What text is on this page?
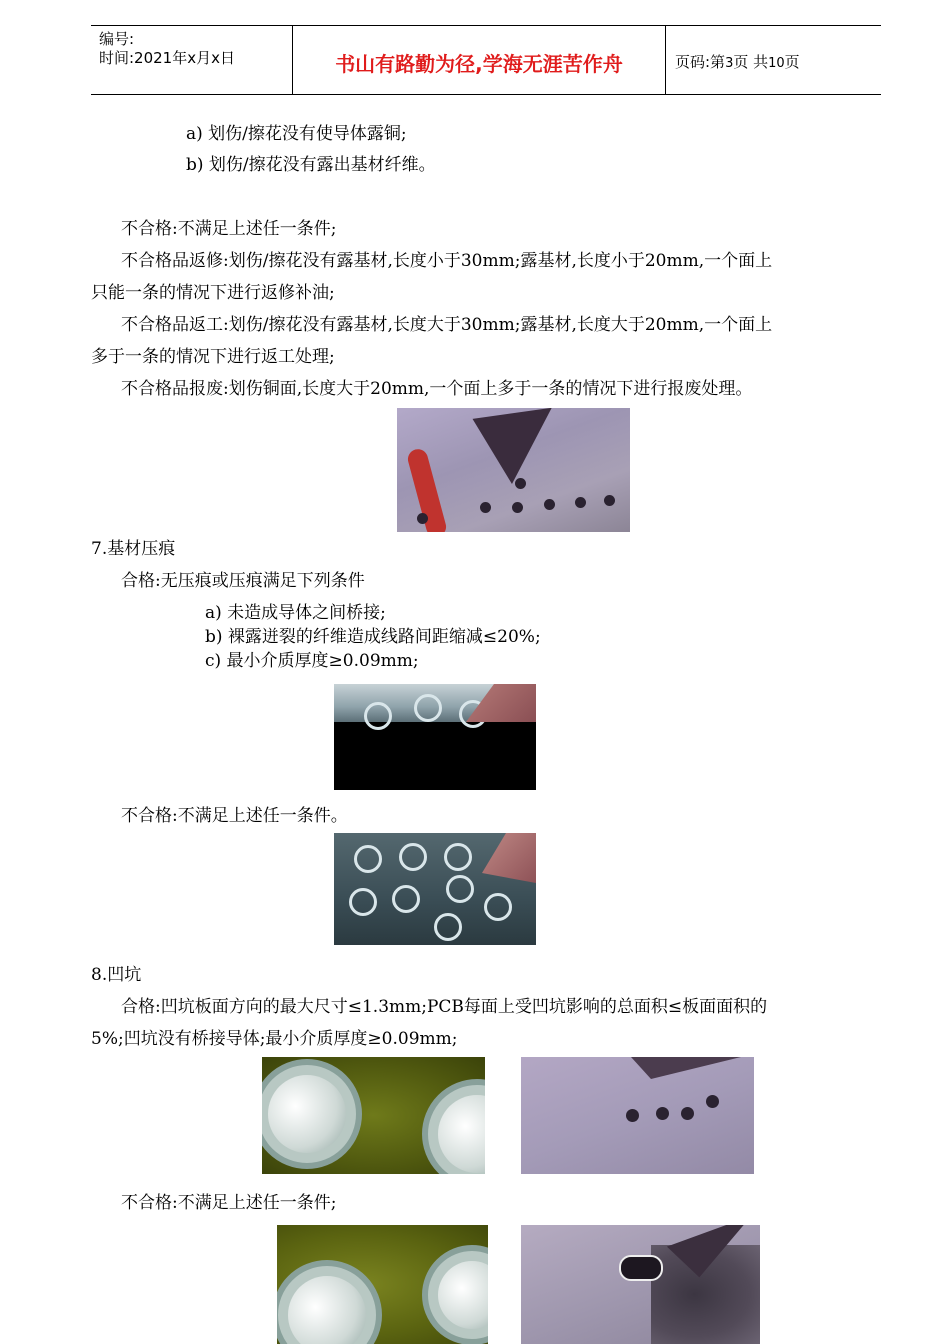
编号:
时间:2021年x月x日	书山有路勤为径,学海无涯苦作舟	页码:第3页 共10页
a) 划伤/擦花没有使导体露铜;
b) 划伤/擦花没有露出基材纤维。
不合格:不满足上述任一条件;
不合格品返修:划伤/擦花没有露基材,长度小于30mm;露基材,长度小于20mm,一个面上
只能一条的情况下进行返修补油;
不合格品返工:划伤/擦花没有露基材,长度大于30mm;露基材,长度大于20mm,一个面上
多于一条的情况下进行返工处理;
不合格品报废:划伤铜面,长度大于20mm,一个面上多于一条的情况下进行报废处理。
7.基材压痕
合格:无压痕或压痕满足下列条件
a) 未造成导体之间桥接;
b) 裸露迸裂的纤维造成线路间距缩减≤20%;
c) 最小介质厚度≥0.09mm;
不合格:不满足上述任一条件。
8.凹坑
合格:凹坑板面方向的最大尺寸≤1.3mm;PCB每面上受凹坑影响的总面积≤板面面积的
5%;凹坑没有桥接导体;最小介质厚度≥0.09mm;
不合格:不满足上述任一条件;
